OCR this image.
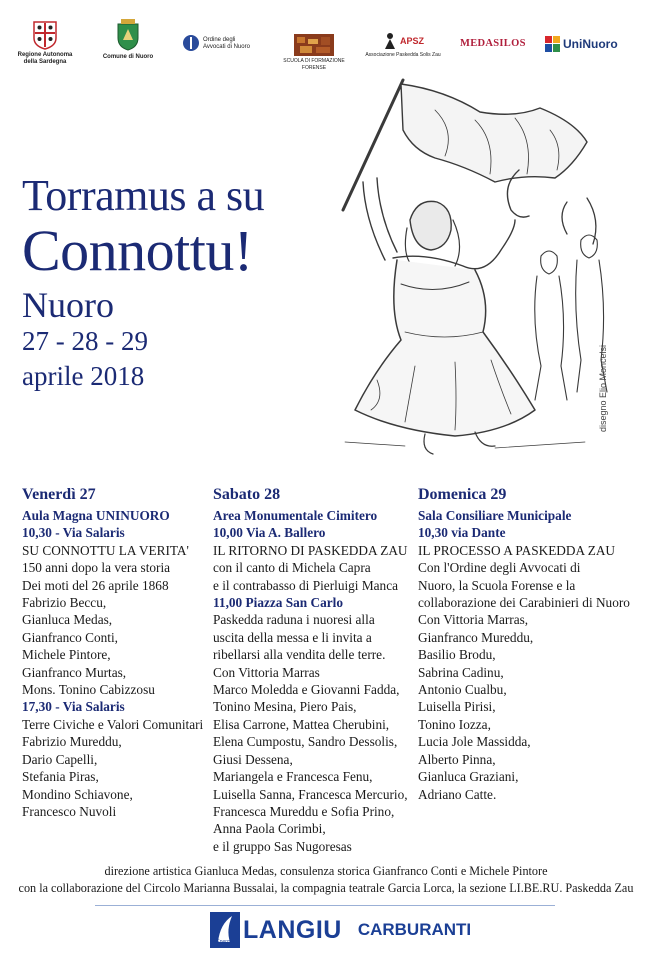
Regione Autonoma della Sardegna
Comune di Nuoro
Ordine degli Avvocati di Nuoro
SCUOLA DI FORMAZIONE FORENSE
APSZ
Associazione Paskedda Solis Zau
MEDASILOS	UniNuoro
Torramus a su
Connottu!
Nuoro
27 - 28 - 29
aprile 2018	disegno Elio Moncelsi
Venerdì 27
Aula Magna UNINUORO
10,30 - Via Salaris
SU CONNOTTU LA VERITA'
150 anni dopo la vera storia
Dei moti del 26 aprile 1868
Fabrizio Beccu,
Gianluca Medas,
Gianfranco Conti,
Michele Pintore,
Gianfranco Murtas,
Mons. Tonino Cabizzosu
17,30 - Via Salaris
Terre Civiche e Valori Comunitari
Fabrizio Mureddu,
Dario Capelli,
Stefania Piras,
Mondino Schiavone,
Francesco Nuvoli
Sabato 28
Area Monumentale Cimitero
10,00 Via A. Ballero
IL RITORNO DI PASKEDDA ZAU
con il canto di Michela Capra
e il contrabasso di Pierluigi Manca
11,00 Piazza San Carlo
Paskedda raduna i nuoresi alla
uscita della messa e li invita a
ribellarsi alla vendita delle terre.
Con Vittoria Marras
Marco Moledda e Giovanni Fadda,
Tonino Mesina, Piero Pais,
Elisa Carrone, Mattea Cherubini,
Elena Cumpostu, Sandro Dessolis,
Giusi Dessena,
Mariangela e Francesca Fenu,
Luisella Sanna, Francesca Mercurio,
Francesca Mureddu e Sofia Prino,
Anna Paola Corimbi,
e il gruppo Sas Nugoresas
Domenica 29
Sala Consiliare Municipale
10,30 via Dante
IL PROCESSO A PASKEDDA ZAU
Con l'Ordine degli Avvocati di
Nuoro, la Scuola Forense e la
collaborazione dei Carabinieri di Nuoro
Con Vittoria Marras,
Gianfranco Mureddu,
Basilio Brodu,
Sabrina Cadinu,
Antonio Cualbu,
Luisella Pirisi,
Tonino Iozza,
Lucia Jole Massidda,
Alberto Pinna,
Gianluca Graziani,
Adriano Catte.
direzione artistica Gianluca Medas, consulenza storica Gianfranco Conti e Michele Pintore
con la collaborazione del Circolo Marianna Bussalai, la compagnia teatrale Garcia Lorca, la sezione LI.BE.RU. Paskedda Zau
Energia LANGIU CARBURANTI
